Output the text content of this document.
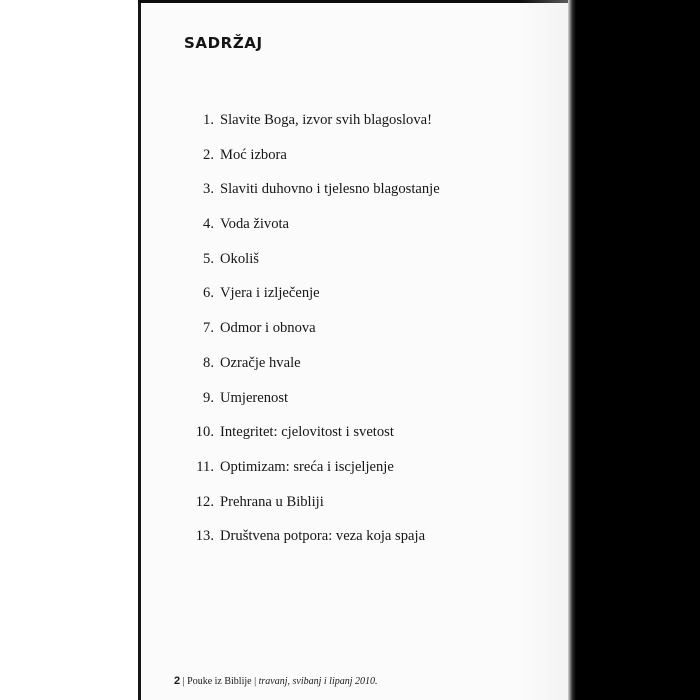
SADRŽAJ
1. Slavite Boga, izvor svih blagoslova!
2. Moć izbora
3. Slaviti duhovno i tjelesno blagostanje
4. Voda života
5. Okoliš
6. Vjera i izlječenje
7. Odmor i obnova
8. Ozračje hvale
9. Umjerenost
10. Integritet: cjelovitost i svetost
11. Optimizam: sreća i iscjeljenje
12. Prehrana u Bibliji
13. Društvena potpora: veza koja spaja
2 | Pouke iz Biblije | travanj, svibanj i lipanj 2010.
